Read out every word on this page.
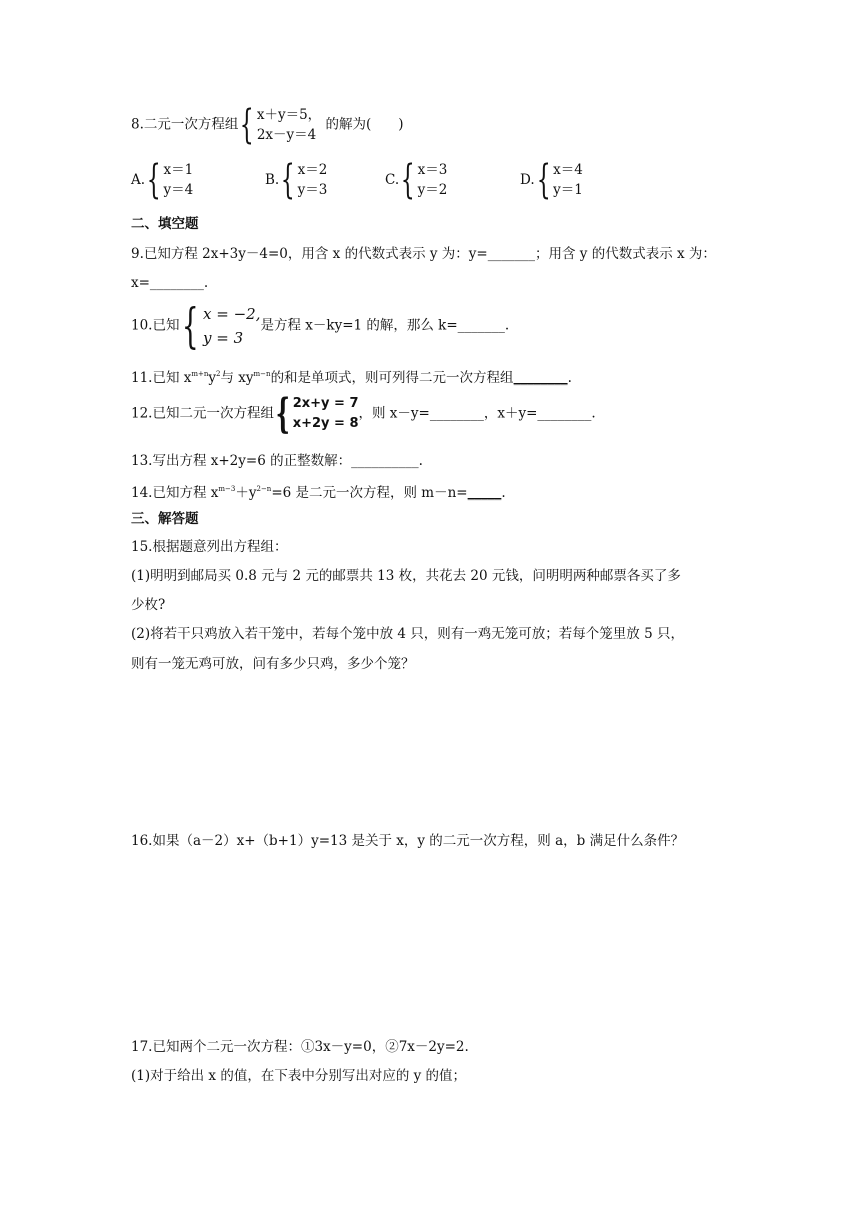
8.二元一次方程组 { x＋y＝5，
2x－y＝4
的解为(　　)
A. { x＝1
y＝4
B. { x＝2
y＝3
C. { x＝3
y＝2
D. { x＝4
y＝1
二、填空题
9.已知方程 2x+3y－4=0，用含 x 的代数式表示 y 为：y=_______；用含 y 的代数式表示 x 为：
x=________.
10.已知 { x = −2,
y = 3
是方程 x－ky=1 的解，那么 k=_______.
11.已知 $x^{m+n}y^2$与 $xy^{m-n}$的和是单项式，则可列得二元一次方程组________.
12.已知二元一次方程组 { 2x+y = 7
x+2y = 8
，则 x－y=________，x＋y=________.
13.写出方程 x+2y=6 的正整数解：__________.
14.已知方程 $x^{m-3}+y^{2-n}=6$ 是二元一次方程，则 m－n=_____.
三、解答题
15.根据题意列出方程组：
(1)明明到邮局买 0.8 元与 2 元的邮票共 13 枚，共花去 20 元钱，问明明两种邮票各买了多
少枚?
(2)将若干只鸡放入若干笼中，若每个笼中放 4 只，则有一鸡无笼可放；若每个笼里放 5 只，
则有一笼无鸡可放，问有多少只鸡，多少个笼？
16.如果（a－2）x+（b+1）y=13 是关于 x，y 的二元一次方程，则 a，b 满足什么条件？
17.已知两个二元一次方程：①3x－y=0，②7x－2y=2.
(1)对于给出 x 的值，在下表中分别写出对应的 y 的值；
